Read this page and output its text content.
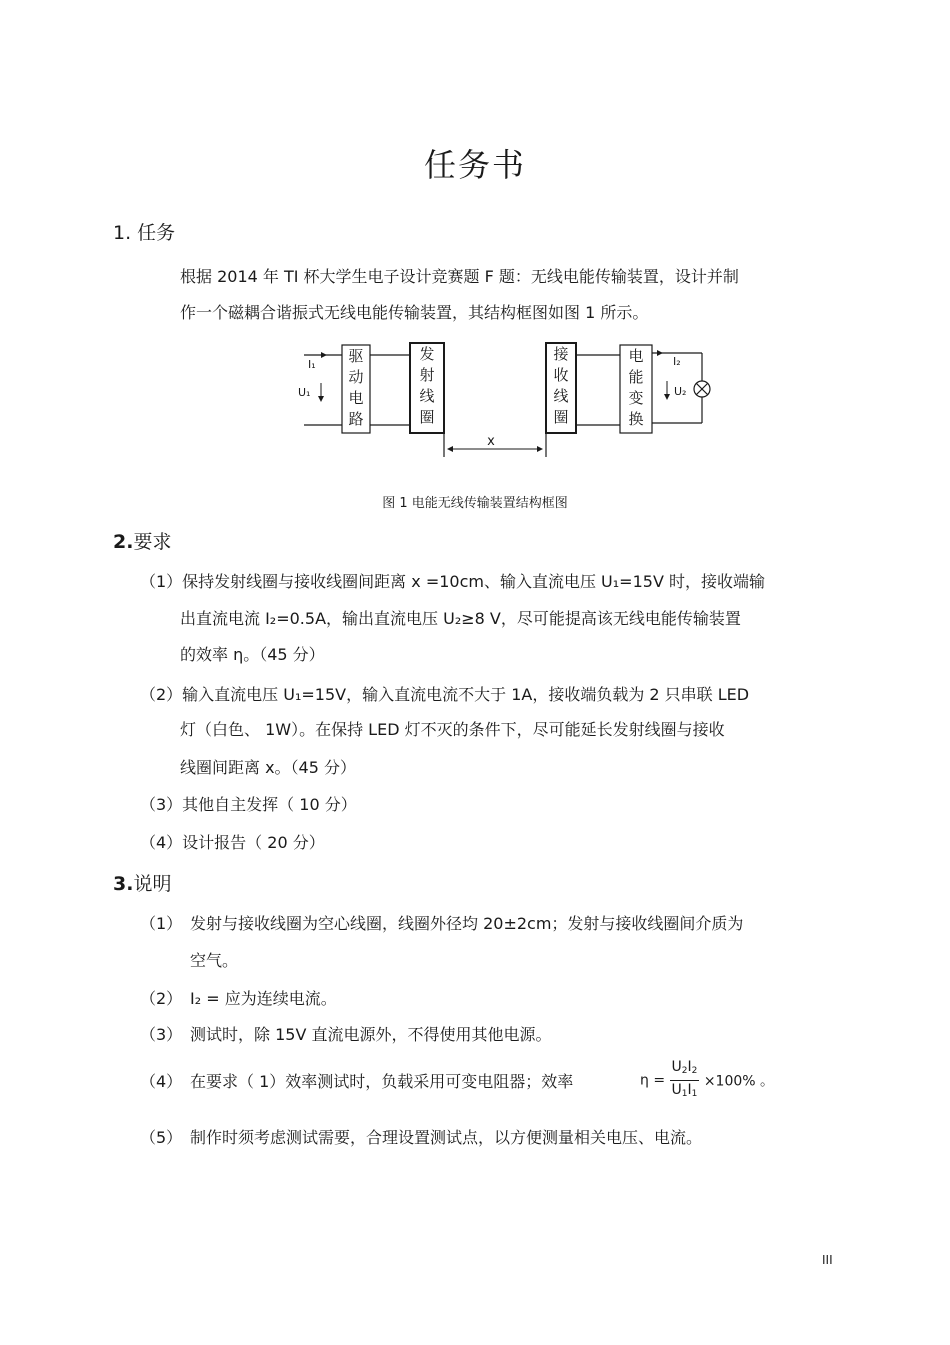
任务书
1. 任务
根据 2014 年 TI 杯大学生电子设计竞赛题 F 题：无线电能传输装置，设计并制
作一个磁耦合谐振式无线电能传输装置，其结构框图如图 1 所示。
I₁
U₁
I₂
U₂
x
驱动电路
发射线圈
接收线圈
电能变换
图 1 电能无线传输装置结构框图
2.要求
（1）保持发射线圈与接收线圈间距离 x =10cm、输入直流电压 U₁=15V 时，接收端输
出直流电流 I₂=0.5A，输出直流电压 U₂≥8 V，尽可能提高该无线电能传输装置
的效率 η。（45 分）
（2）输入直流电压 U₁=15V，输入直流电流不大于 1A，接收端负载为 2 只串联 LED
灯（白色、 1W）。在保持 LED 灯不灭的条件下，尽可能延长发射线圈与接收
线圈间距离 x。（45 分）
（3）其他自主发挥（ 10 分）
（4）设计报告（ 20 分）
3.说明
（1） 发射与接收线圈为空心线圈，线圈外径均 20±2cm；发射与接收线圈间介质为
空气。
（2） I₂ = 应为连续电流。
（3） 测试时，除 15V 直流电源外，不得使用其他电源。
（4） 在要求（ 1）效率测试时，负载采用可变电阻器；效率	$\eta = \frac{U2I2}{U1I1} \times 100\%$ 。
（5） 制作时须考虑测试需要，合理设置测试点，以方便测量相关电压、电流。
III
